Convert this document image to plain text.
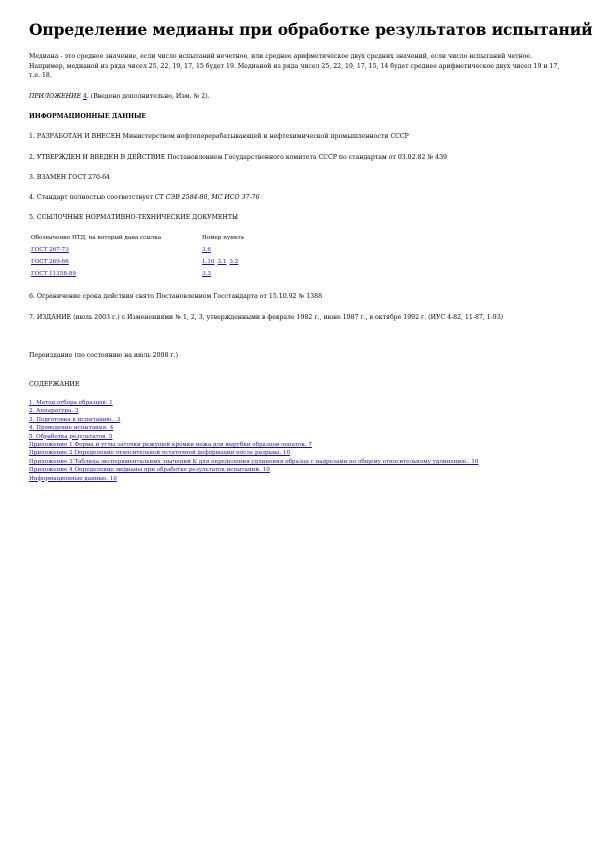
Определение медианы при обработке результатов испытаний

Медиана - это среднее значение, если число испытаний нечетное, или среднее арифметическое двух средних значений, если число испытаний четное. Например, медианой из ряда чисел 25, 22, 19, 17, 15 будет 19. Медианой из ряда чисел 25, 22, 19, 17, 15, 14 будет среднее арифметическое двух чисел 19 и 17, т.е. 18.

ПРИЛОЖЕНИЕ 4. (Введено дополнительно, Изм. № 2).

ИНФОРМАЦИОННЫЕ ДАННЫЕ

1. РАЗРАБОТАН И ВНЕСЕН Министерством нефтеперерабатывающей и нефтехимической промышленности СССР

2. УТВЕРЖДЕН И ВВЕДЕН В ДЕЙСТВИЕ Постановлением Государственного комитета СССР по стандартам от 03.02.82 № 439

3. ВЗАМЕН ГОСТ 270-64

4. Стандарт полностью соответствует СТ СЭВ 2584-80, МС ИСО 37-76

5. ССЫЛОЧНЫЕ НОРМАТИВНО-ТЕХНИЧЕСКИЕ ДОКУМЕНТЫ

Обозначение НТД, на который дана ссылка	Номер пункта
ГОСТ 267-73	3.6
ГОСТ 269-66	1.10 3.1 3.2
ГОСТ 11358-89	3.3

6. Ограничение срока действия снято Постановлением Госстандарта от 15.10.92 № 1388

7. ИЗДАНИЕ (июль 2003 г.) с Изменениями № 1, 2, 3, утвержденными в феврале 1982 г., июне 1987 г., в октябре 1992 г. (ИУС 4-82, 11-87, 1-93)

Переиздание (по состоянию на июль 2008 г.)

СОДЕРЖАНИЕ

1. Метод отбора образцов. 1
2. Аппаратура. 3
3. Подготовка к испытанию.. 3
4. Проведение испытания. 4
5. Обработка результатов. 5
Приложение 1 Форма и углы заточки режущей кромки ножа для вырубки образцов-лопаток. 7
Приложение 2 Определение относительной остаточной деформации после разрыва. 10
Приложение 3 Таблица экспериментальных значений К для определения удлинения образца с надрезами по общему относительному удлинению.. 10
Приложение 4 Определение медианы при обработке результатов испытаний. 10
Информационные данные. 10
